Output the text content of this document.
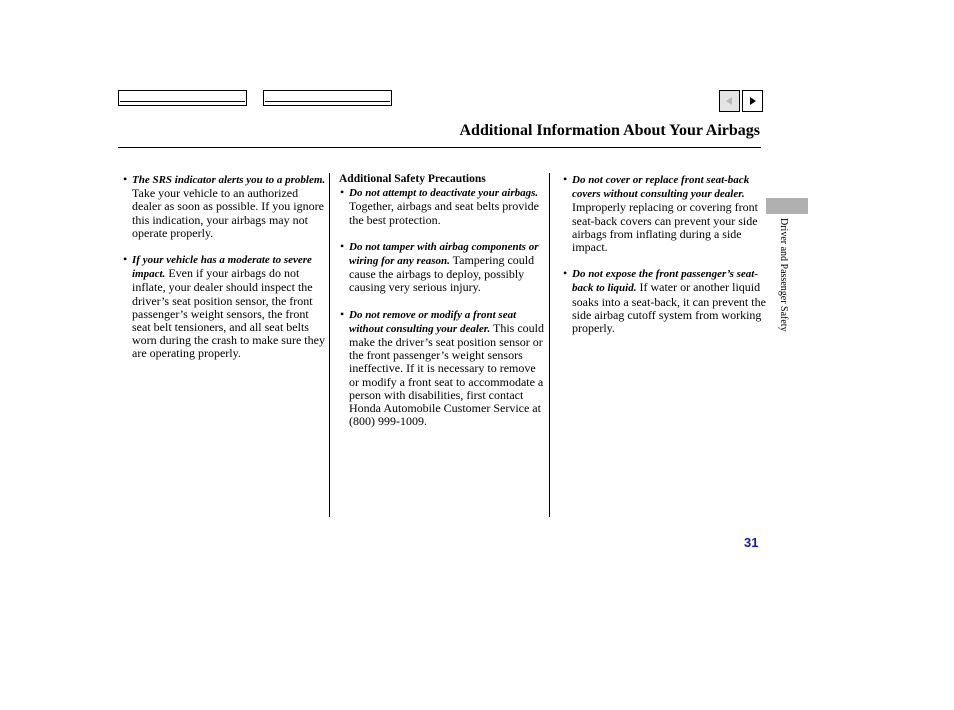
Additional Information About Your Airbags
• The SRS indicator alerts you to a problem. Take your vehicle to an authorized dealer as soon as possible. If you ignore this indication, your airbags may not operate properly.
• If your vehicle has a moderate to severe impact. Even if your airbags do not inflate, your dealer should inspect the driver’s seat position sensor, the front passenger’s weight sensors, the front seat belt tensioners, and all seat belts worn during the crash to make sure they are operating properly.
Additional Safety Precautions
• Do not attempt to deactivate your airbags. Together, airbags and seat belts provide the best protection.
• Do not tamper with airbag components or wiring for any reason. Tampering could cause the airbags to deploy, possibly causing very serious injury.
• Do not remove or modify a front seat without consulting your dealer. This could make the driver’s seat position sensor or the front passenger’s weight sensors ineffective. If it is necessary to remove or modify a front seat to accommodate a person with disabilities, first contact Honda Automobile Customer Service at (800) 999-1009.
• Do not cover or replace front seat-back covers without consulting your dealer. Improperly replacing or covering front seat-back covers can prevent your side airbags from inflating during a side impact.
• Do not expose the front passenger’s seat-back to liquid. If water or another liquid soaks into a seat-back, it can prevent the side airbag cutoff system from working properly.	Driver and Passenger Safety
31
